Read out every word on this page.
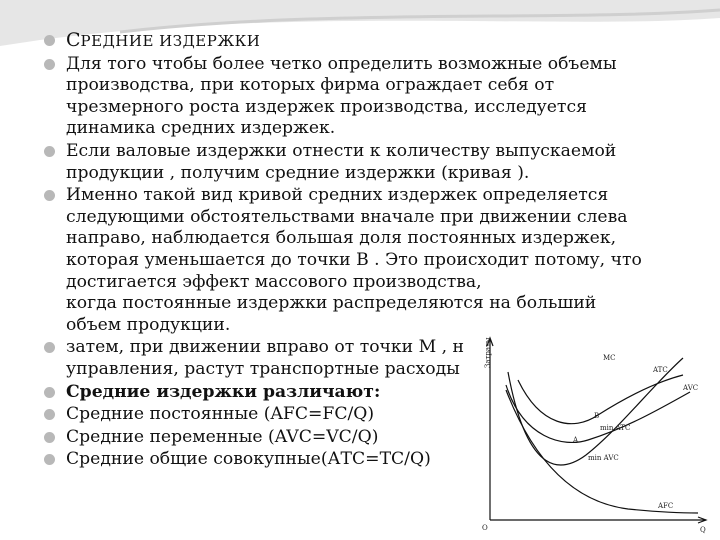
СРЕДНИЕ ИЗДЕРЖКИ
Для того чтобы более четко определить возможные объемы
производства, при которых фирма ограждает себя от
чрезмерного роста издержек производства, исследуется
динамика средних издержек.
Если валовые издержки отнести к количеству выпускаемой
продукции , получим средние издержки (кривая ).
Именно такой вид кривой средних издержек определяется
следующими обстоятельствами вначале при движении слева
направо, наблюдается большая доля постоянных издержек,
которая уменьшается до точки В . Это происходит потому, что
достигается эффект массового производства,
когда постоянные издержки распределяются на больший
объем продукции.
затем, при движении вправо от точки М , н
управления, растут транспортные расходы
Средние издержки различают:
Средние постоянные (AFC=FC/Q)
Средние переменные (AVC=VC/Q)
Средние общие совокупные(АТС=TC/Q)
Затраты
Q
O
MC
ATC
AVC
AFC
B
A
min ATC
min AVC
